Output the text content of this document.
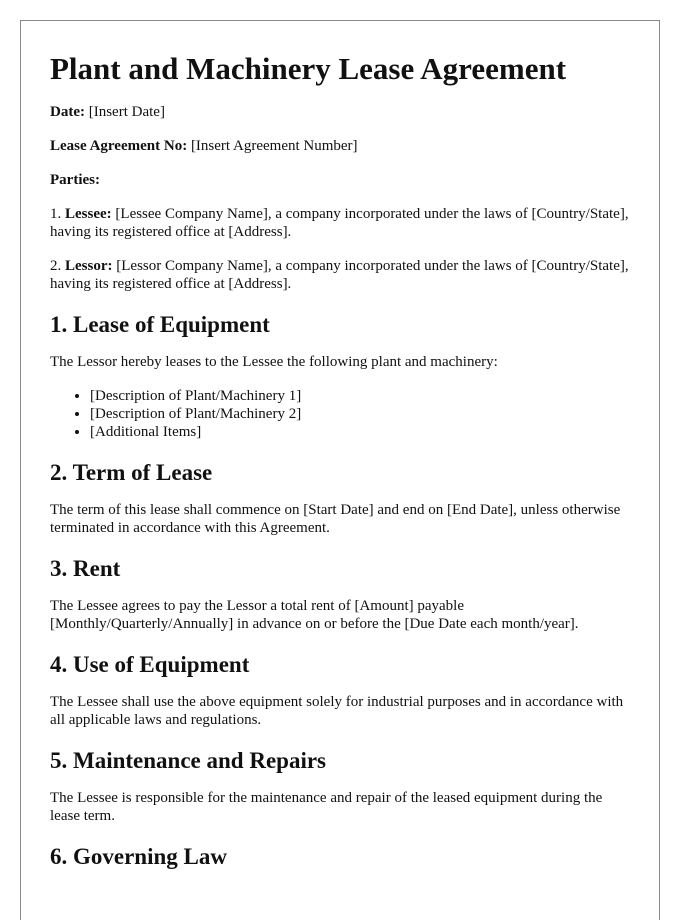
Plant and Machinery Lease Agreement

Date: [Insert Date]

Lease Agreement No: [Insert Agreement Number]

Parties:

1. Lessee: [Lessee Company Name], a company incorporated under the laws of [Country/State], having its registered office at [Address].

2. Lessor: [Lessor Company Name], a company incorporated under the laws of [Country/State], having its registered office at [Address].

1. Lease of Equipment

The Lessor hereby leases to the Lessee the following plant and machinery:

• [Description of Plant/Machinery 1]
• [Description of Plant/Machinery 2]
• [Additional Items]
2. Term of Lease

The term of this lease shall commence on [Start Date] and end on [End Date], unless otherwise terminated in accordance with this Agreement.

3. Rent

The Lessee agrees to pay the Lessor a total rent of [Amount] payable [Monthly/Quarterly/Annually] in advance on or before the [Due Date each month/year].

4. Use of Equipment

The Lessee shall use the above equipment solely for industrial purposes and in accordance with all applicable laws and regulations.

5. Maintenance and Repairs

The Lessee is responsible for the maintenance and repair of the leased equipment during the lease term.

6. Governing Law
